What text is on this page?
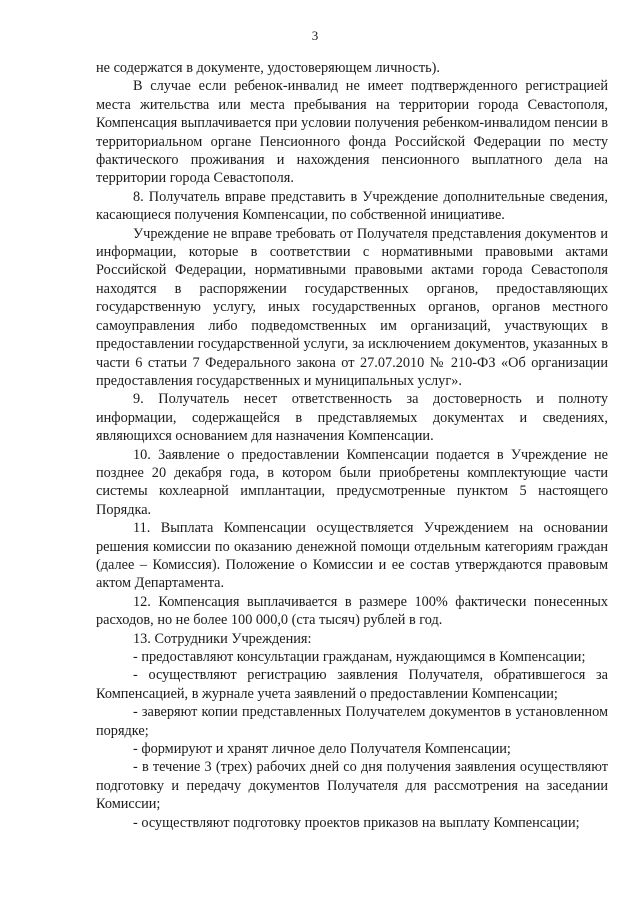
3

не содержатся в документе, удостоверяющем личность).

В случае если ребенок-инвалид не имеет подтвержденного регистрацией места жительства или места пребывания на территории города Севастополя, Компенсация выплачивается при условии получения ребенком-инвалидом пенсии в территориальном органе Пенсионного фонда Российской Федерации по месту фактического проживания и нахождения пенсионного выплатного дела на территории города Севастополя.

8. Получатель вправе представить в Учреждение дополнительные сведения, касающиеся получения Компенсации, по собственной инициативе.

Учреждение не вправе требовать от Получателя представления документов и информации, которые в соответствии с нормативными правовыми актами Российской Федерации, нормативными правовыми актами города Севастополя находятся в распоряжении государственных органов, предоставляющих государственную услугу, иных государственных органов, органов местного самоуправления либо подведомственных им организаций, участвующих в предоставлении государственной услуги, за исключением документов, указанных в части 6 статьи 7 Федерального закона от 27.07.2010 № 210-ФЗ «Об организации предоставления государственных и муниципальных услуг».

9. Получатель несет ответственность за достоверность и полноту информации, содержащейся в представляемых документах и сведениях, являющихся основанием для назначения Компенсации.

10. Заявление о предоставлении Компенсации подается в Учреждение не позднее 20 декабря года, в котором были приобретены комплектующие части системы кохлеарной имплантации, предусмотренные пунктом 5 настоящего Порядка.

11. Выплата Компенсации осуществляется Учреждением на основании решения комиссии по оказанию денежной помощи отдельным категориям граждан (далее – Комиссия). Положение о Комиссии и ее состав утверждаются правовым актом Департамента.

12. Компенсация выплачивается в размере 100% фактически понесенных расходов, но не более 100 000,0 (ста тысяч) рублей в год.

13. Сотрудники Учреждения:

- предоставляют консультации гражданам, нуждающимся в Компенсации;

- осуществляют регистрацию заявления Получателя, обратившегося за Компенсацией, в журнале учета заявлений о предоставлении Компенсации;

- заверяют копии представленных Получателем документов в установленном порядке;

- формируют и хранят личное дело Получателя Компенсации;

- в течение 3 (трех) рабочих дней со дня получения заявления осуществляют подготовку и передачу документов Получателя для рассмотрения на заседании Комиссии;

- осуществляют подготовку проектов приказов на выплату Компенсации;
